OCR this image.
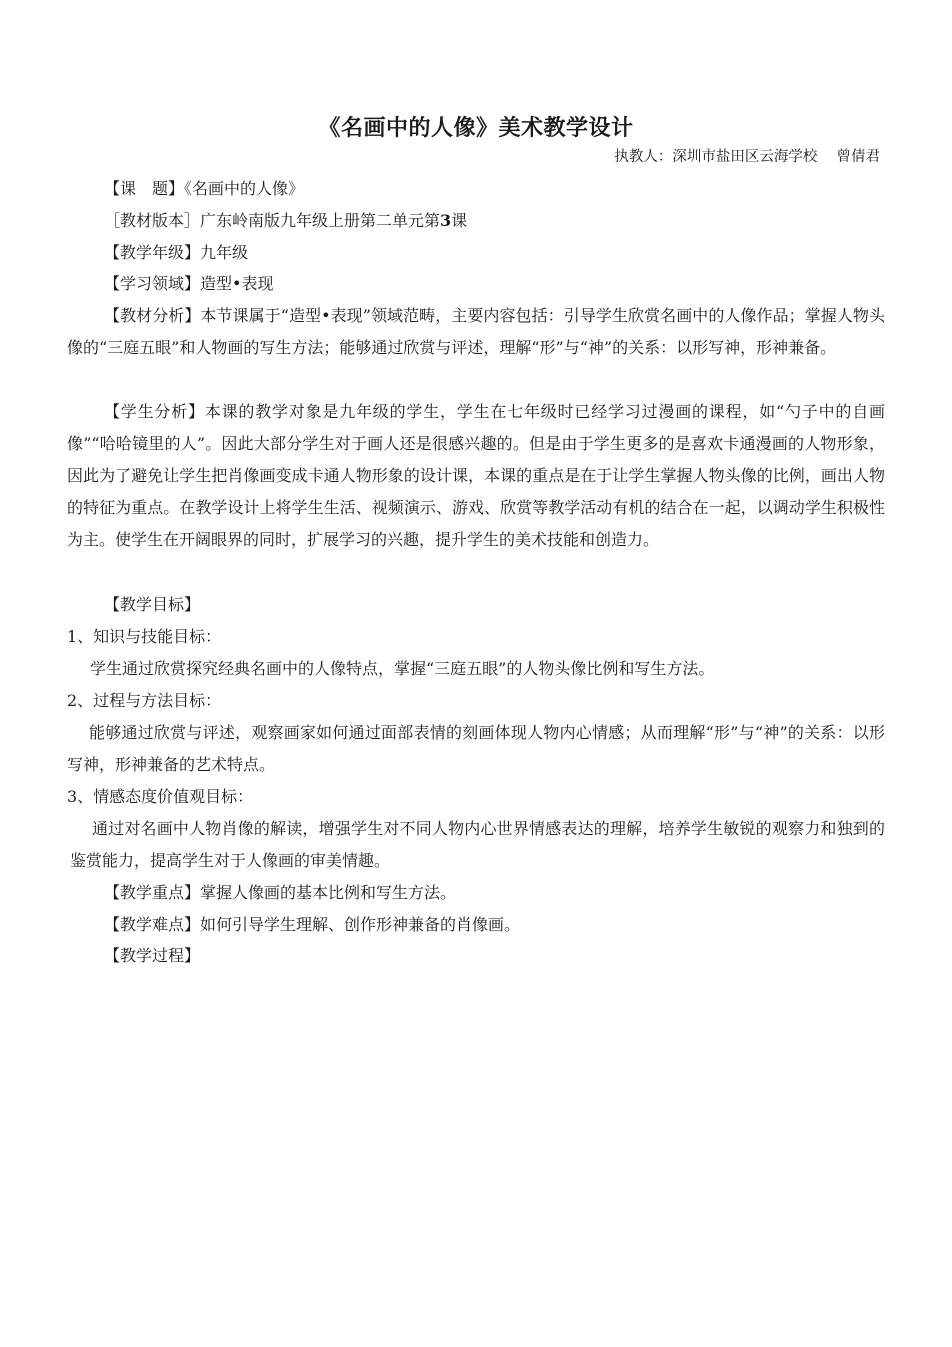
《名画中的人像》美术教学设计
执教人：深圳市盐田区云海学校　 曾倩君
【课　题】《名画中的人像》
［教材版本］广东岭南版九年级上册第二单元第3课
【教学年级】九年级
【学习领域】造型•表现
【教材分析】本节课属于“造型•表现”领域范畴，主要内容包括：引导学生欣赏名画中的人像作品；掌握人物头像的“三庭五眼”和人物画的写生方法；能够通过欣赏与评述，理解“形”与“神”的关系：以形写神，形神兼备。
【学生分析】本课的教学对象是九年级的学生，学生在七年级时已经学习过漫画的课程，如“勺子中的自画像”“哈哈镜里的人”。因此大部分学生对于画人还是很感兴趣的。但是由于学生更多的是喜欢卡通漫画的人物形象，因此为了避免让学生把肖像画变成卡通人物形象的设计课，本课的重点是在于让学生掌握人物头像的比例，画出人物的特征为重点。在教学设计上将学生生活、视频演示、游戏、欣赏等教学活动有机的结合在一起，以调动学生积极性为主。使学生在开阔眼界的同时，扩展学习的兴趣，提升学生的美术技能和创造力。
【教学目标】
1、知识与技能目标：
学生通过欣赏探究经典名画中的人像特点，掌握“三庭五眼”的人物头像比例和写生方法。
2、过程与方法目标：
能够通过欣赏与评述，观察画家如何通过面部表情的刻画体现人物内心情感；从而理解“形”与“神”的关系：以形写神，形神兼备的艺术特点。
3、情感态度价值观目标：
通过对名画中人物肖像的解读，增强学生对不同人物内心世界情感表达的理解，培养学生敏锐的观察力和独到的鉴赏能力，提高学生对于人像画的审美情趣。
【教学重点】掌握人像画的基本比例和写生方法。
【教学难点】如何引导学生理解、创作形神兼备的肖像画。
【教学过程】
